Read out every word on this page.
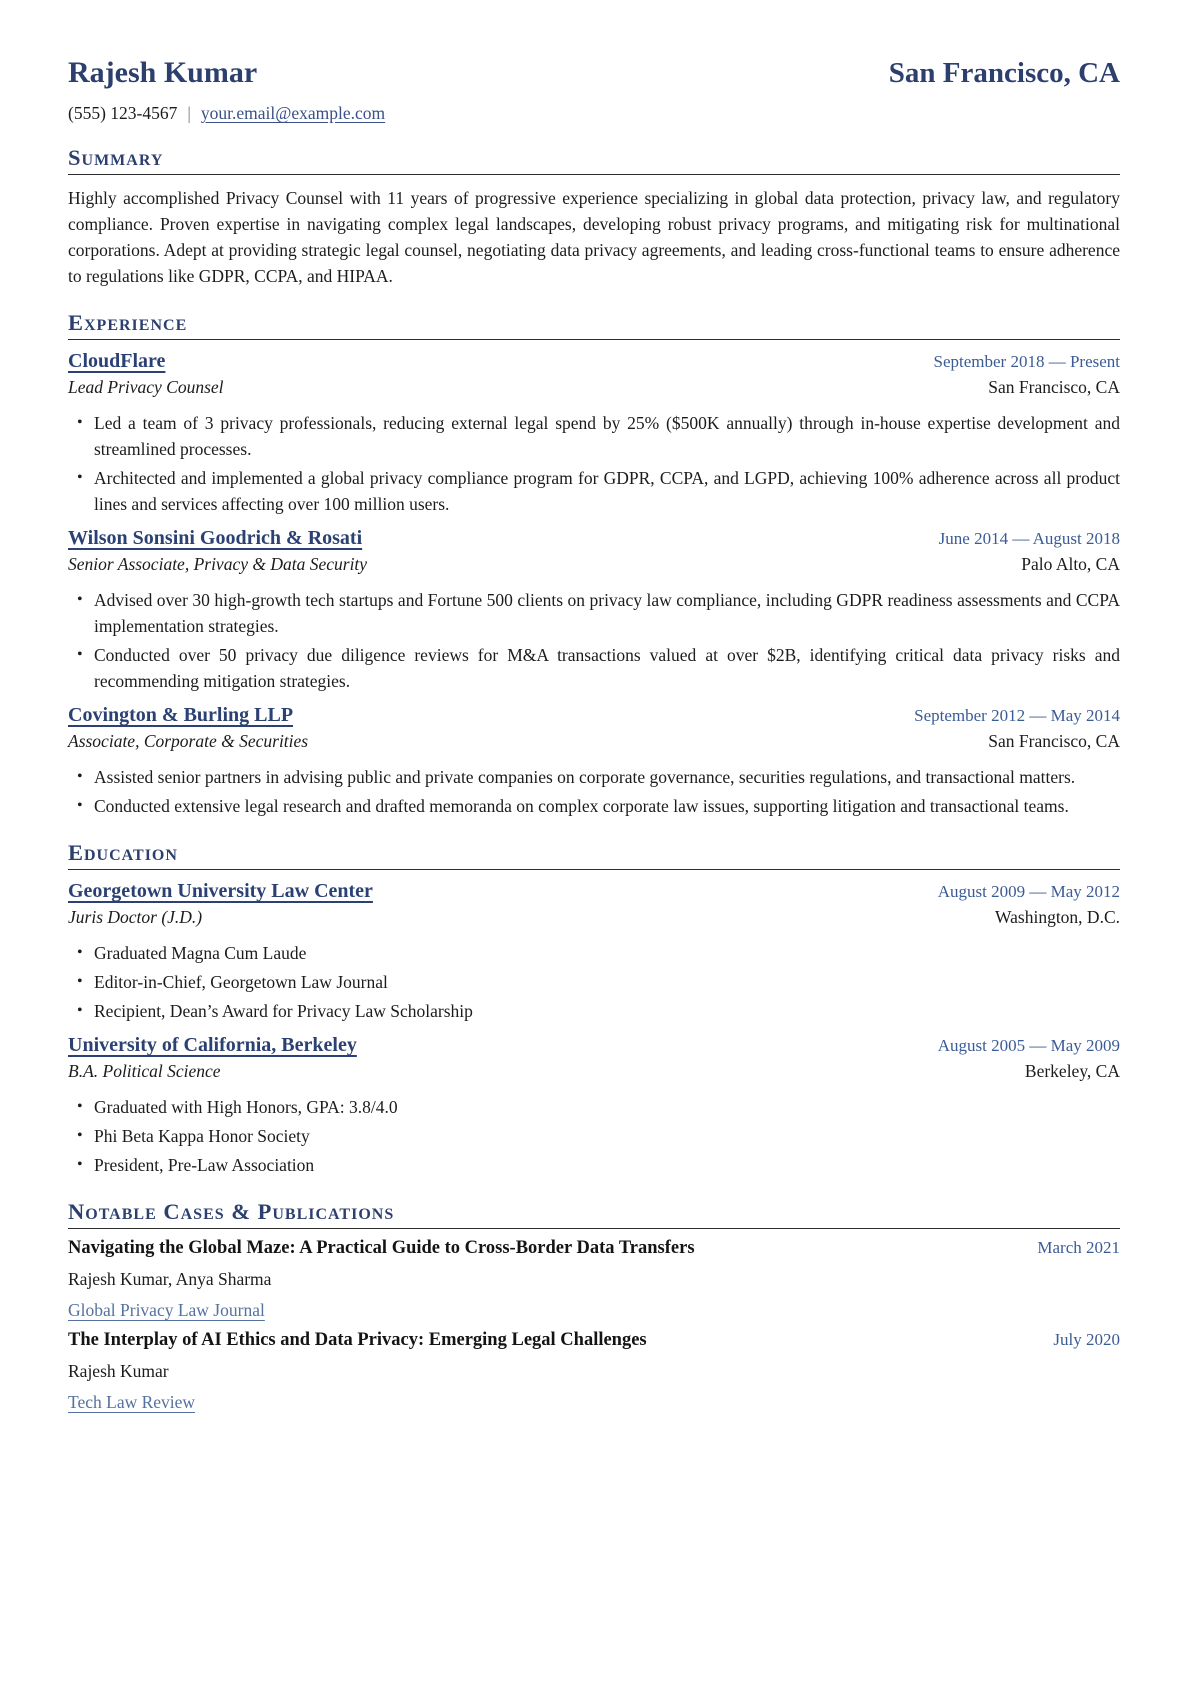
Rajesh Kumar	San Francisco, CA
(555) 123-4567 | your.email@example.com
Summary

Highly accomplished Privacy Counsel with 11 years of progressive experience specializing in global data protection, privacy law, and regulatory compliance. Proven expertise in navigating complex legal landscapes, developing robust privacy programs, and mitigating risk for multinational corporations. Adept at providing strategic legal counsel, negotiating data privacy agreements, and leading cross-functional teams to ensure adherence to regulations like GDPR, CCPA, and HIPAA.

Experience
CloudFlare	September 2018 — Present
Lead Privacy Counsel	San Francisco, CA
• Led a team of 3 privacy professionals, reducing external legal spend by 25% ($500K annually) through in-house expertise development and streamlined processes.
• Architected and implemented a global privacy compliance program for GDPR, CCPA, and LGPD, achieving 100% adherence across all product lines and services affecting over 100 million users.
Wilson Sonsini Goodrich & Rosati	June 2014 — August 2018
Senior Associate, Privacy & Data Security	Palo Alto, CA
• Advised over 30 high-growth tech startups and Fortune 500 clients on privacy law compliance, including GDPR readiness assessments and CCPA implementation strategies.
• Conducted over 50 privacy due diligence reviews for M&A transactions valued at over $2B, identifying critical data privacy risks and recommending mitigation strategies.
Covington & Burling LLP	September 2012 — May 2014
Associate, Corporate & Securities	San Francisco, CA
• Assisted senior partners in advising public and private companies on corporate governance, securities regulations, and transactional matters.
• Conducted extensive legal research and drafted memoranda on complex corporate law issues, supporting litigation and transactional teams.
Education
Georgetown University Law Center	August 2009 — May 2012
Juris Doctor (J.D.)	Washington, D.C.
• Graduated Magna Cum Laude
• Editor-in-Chief, Georgetown Law Journal
• Recipient, Dean’s Award for Privacy Law Scholarship
University of California, Berkeley	August 2005 — May 2009
B.A. Political Science	Berkeley, CA
• Graduated with High Honors, GPA: 3.8/4.0
• Phi Beta Kappa Honor Society
• President, Pre-Law Association
Notable Cases & Publications
Navigating the Global Maze: A Practical Guide to Cross-Border Data Transfers	March 2021
Rajesh Kumar, Anya Sharma
Global Privacy Law Journal
The Interplay of AI Ethics and Data Privacy: Emerging Legal Challenges	July 2020
Rajesh Kumar
Tech Law Review
